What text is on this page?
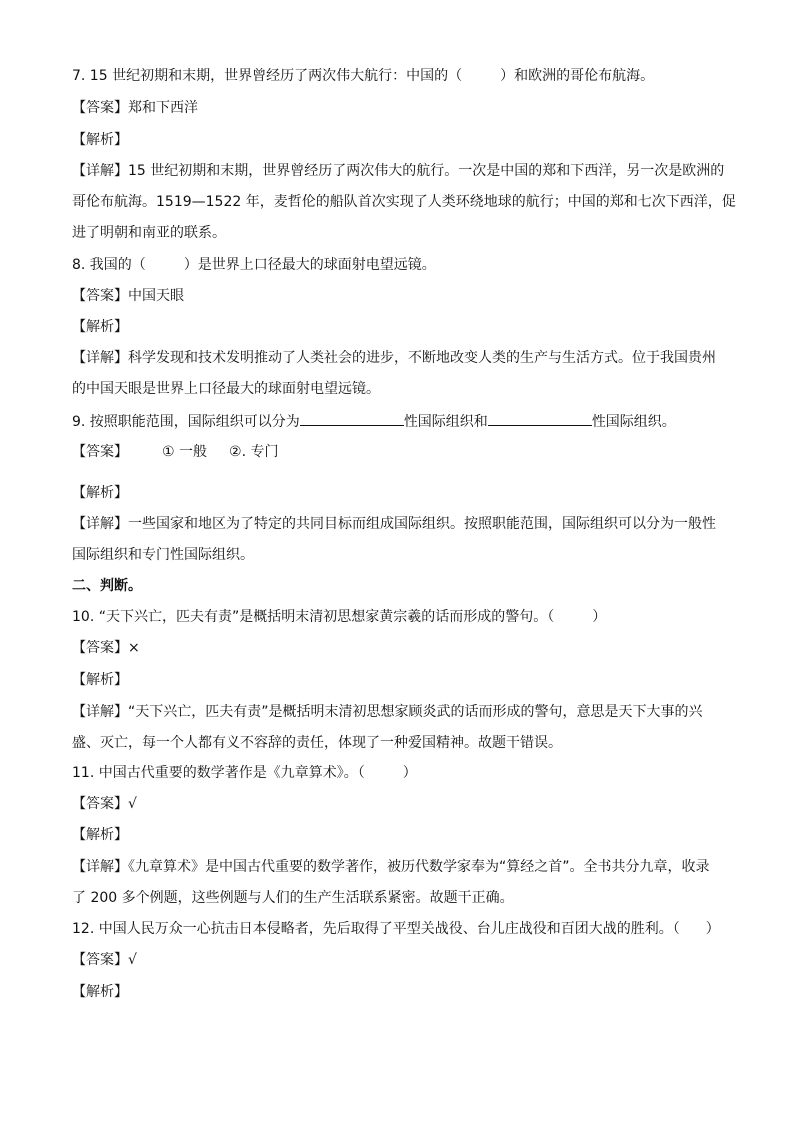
7. 15 世纪初期和末期，世界曾经历了两次伟大航行：中国的（	）和欧洲的哥伦布航海。
【答案】郑和下西洋
【解析】
【详解】15 世纪初期和末期，世界曾经历了两次伟大的航行。一次是中国的郑和下西洋，另一次是欧洲的
哥伦布航海。1519—1522 年，麦哲伦的船队首次实现了人类环绕地球的航行；中国的郑和七次下西洋，促
进了明朝和南亚的联系。
8. 我国的（	）是世界上口径最大的球面射电望远镜。
【答案】中国天眼
【解析】
【详解】科学发现和技术发明推动了人类社会的进步，不断地改变人类的生产与生活方式。位于我国贵州
的中国天眼是世界上口径最大的球面射电望远镜。
9. 按照职能范围，国际组织可以分为	性国际组织和	性国际组织。
【答案】 ① 一般 ②. 专门
【解析】
【详解】一些国家和地区为了特定的共同目标而组成国际组织。按照职能范围，国际组织可以分为一般性
国际组织和专门性国际组织。
二、判断。
10. “天下兴亡，匹夫有责”是概括明末清初思想家黄宗羲的话而形成的警句。（	）
【答案】×
【解析】
【详解】“天下兴亡，匹夫有责”是概括明末清初思想家顾炎武的话而形成的警句，意思是天下大事的兴
盛、灭亡，每一个人都有义不容辞的责任，体现了一种爱国精神。故题干错误。
11. 中国古代重要的数学著作是《九章算术》。（	）
【答案】√
【解析】
【详解】《九章算术》是中国古代重要的数学著作，被历代数学家奉为“算经之首”。全书共分九章，收录
了 200 多个例题，这些例题与人们的生产生活联系紧密。故题干正确。
12. 中国人民万众一心抗击日本侵略者，先后取得了平型关战役、台儿庄战役和百团大战的胜利。（ ）
【答案】√
【解析】
